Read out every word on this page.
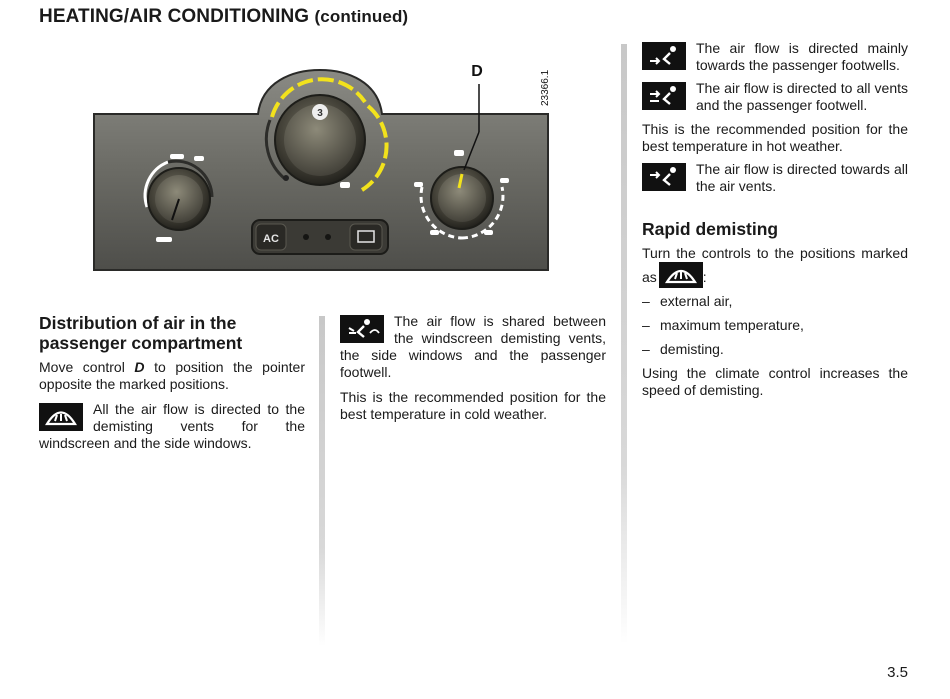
HEATING/AIR CONDITIONING (continued)
3
AC
D	23366.1

Distribution of air in the passenger compartment

Move control D to position the pointer opposite the marked positions.

All the air flow is directed to the demisting vents for the windscreen and the side windows.

The air flow is shared between the windscreen demisting vents, the side windows and the passenger footwell.

This is the recommended position for the best temperature in cold weather.

The air flow is directed mainly towards the passenger footwells.

The air flow is directed to all vents and the passenger footwell.

This is the recommended position for the best temperature in hot weather.

The air flow is directed towards all the air vents.

Rapid demisting

Turn the controls to the positions marked as	:

– external air,
– maximum temperature,
– demisting.

Using the climate control increases the speed of demisting.

3.5
